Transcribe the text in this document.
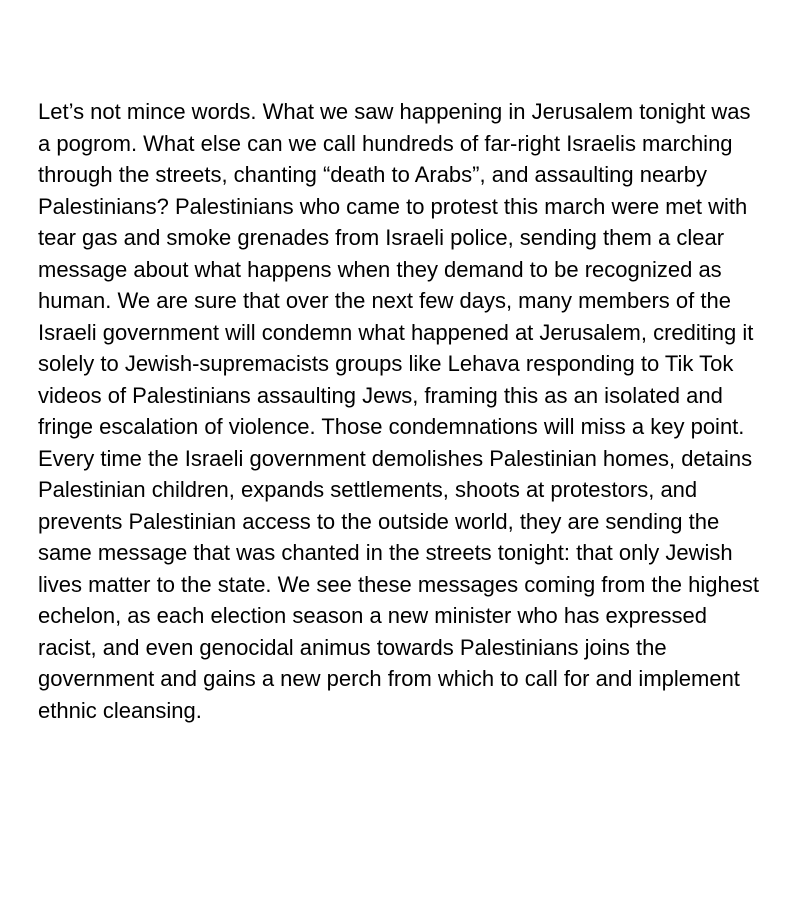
Let’s not mince words. What we saw happening in Jerusalem tonight was a pogrom. What else can we call hundreds of far-right Israelis marching through the streets, chanting “death to Arabs”, and assaulting nearby Palestinians? Palestinians who came to protest this march were met with tear gas and smoke grenades from Israeli police, sending them a clear message about what happens when they demand to be recognized as human. We are sure that over the next few days, many members of the Israeli government will condemn what happened at Jerusalem, crediting it solely to Jewish-supremacists groups like Lehava responding to Tik Tok videos of Palestinians assaulting Jews, framing this as an isolated and fringe escalation of violence. Those condemnations will miss a key point. Every time the Israeli government demolishes Palestinian homes, detains Palestinian children, expands settlements, shoots at protestors, and prevents Palestinian access to the outside world, they are sending the same message that was chanted in the streets tonight: that only Jewish lives matter to the state. We see these messages coming from the highest echelon, as each election season a new minister who has expressed racist, and even genocidal animus towards Palestinians joins the government and gains a new perch from which to call for and implement ethnic cleansing.
